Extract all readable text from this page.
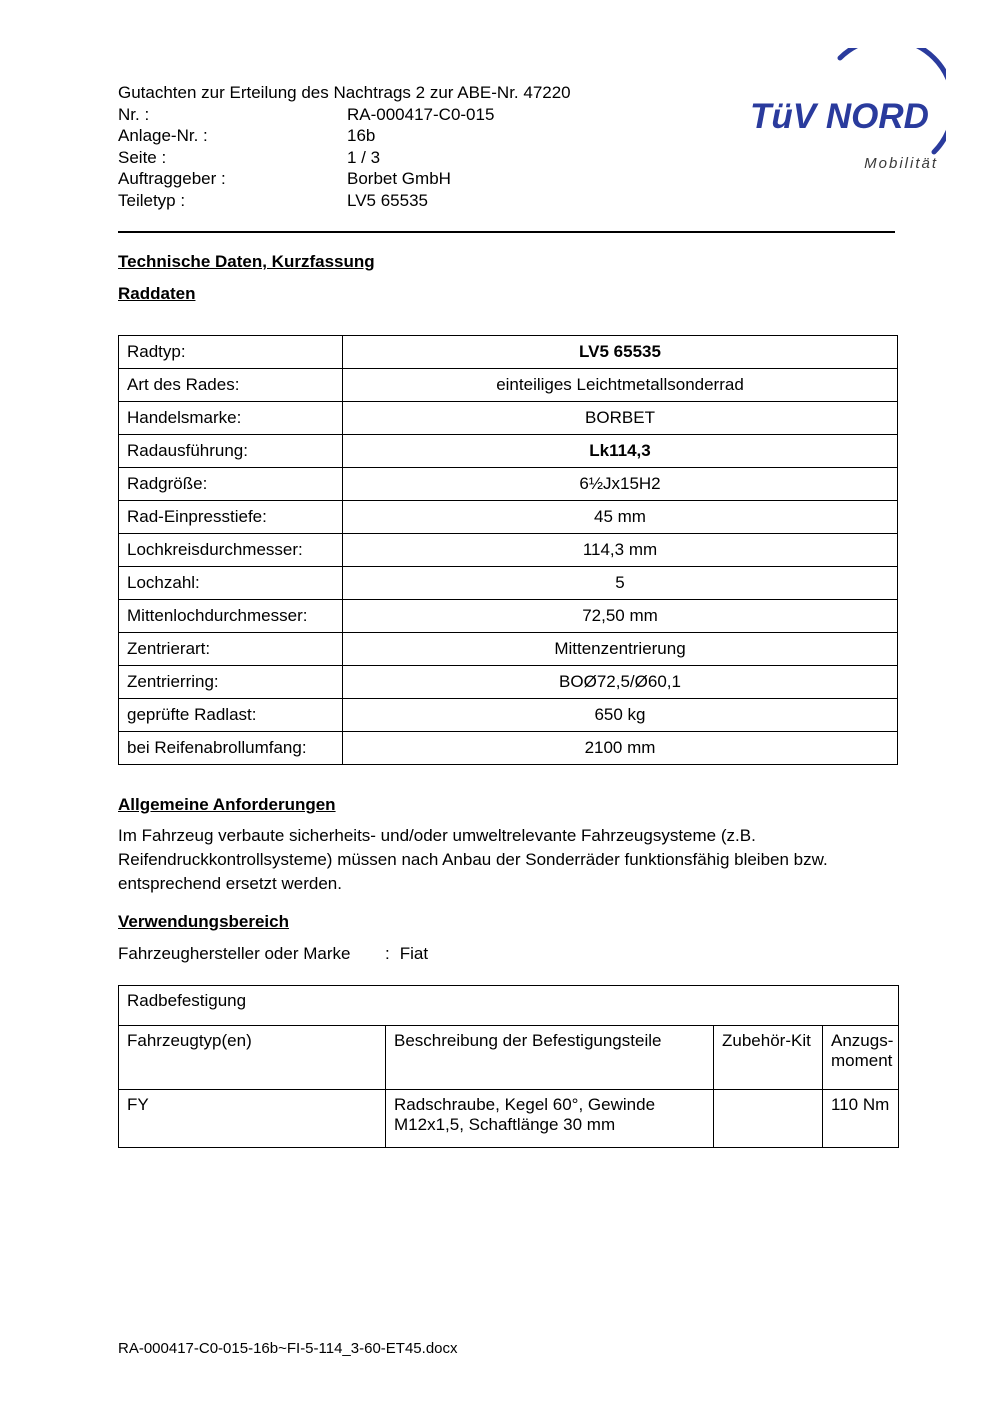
Gutachten zur Erteilung des Nachtrags 2 zur ABE-Nr. 47220
Nr. :	RA-000417-C0-015
Anlage-Nr. :	16b
Seite :	1 / 3
Auftraggeber :	Borbet GmbH
Teiletyp :	LV5 65535
TüV NORD
Mobilität
Technische Daten, Kurzfassung
Raddaten
Radtyp:	LV5 65535
Art des Rades:	einteiliges Leichtmetallsonderrad
Handelsmarke:	BORBET
Radausführung:	Lk114,3
Radgröße:	6½Jx15H2
Rad-Einpresstiefe:	45 mm
Lochkreisdurchmesser:	114,3 mm
Lochzahl:	5
Mittenlochdurchmesser:	72,50 mm
Zentrierart:	Mittenzentrierung
Zentrierring:	BOØ72,5/Ø60,1
geprüfte Radlast:	650 kg
bei Reifenabrollumfang:	2100 mm
Allgemeine Anforderungen
Im Fahrzeug verbaute sicherheits- und/oder umweltrelevante Fahrzeugsysteme (z.B. Reifendruckkontrollsysteme) müssen nach Anbau der Sonderräder funktionsfähig bleiben bzw. entsprechend ersetzt werden.
Verwendungsbereich
Fahrzeughersteller oder Marke	: Fiat
Radbefestigung			
Fahrzeugtyp(en)	Beschreibung der Befestigungsteile	Zubehör-Kit	Anzugs-moment
FY	Radschraube, Kegel 60°, Gewinde M12x1,5, Schaftlänge 30 mm		110 Nm
RA-000417-C0-015-16b~FI-5-114_3-60-ET45.docx
